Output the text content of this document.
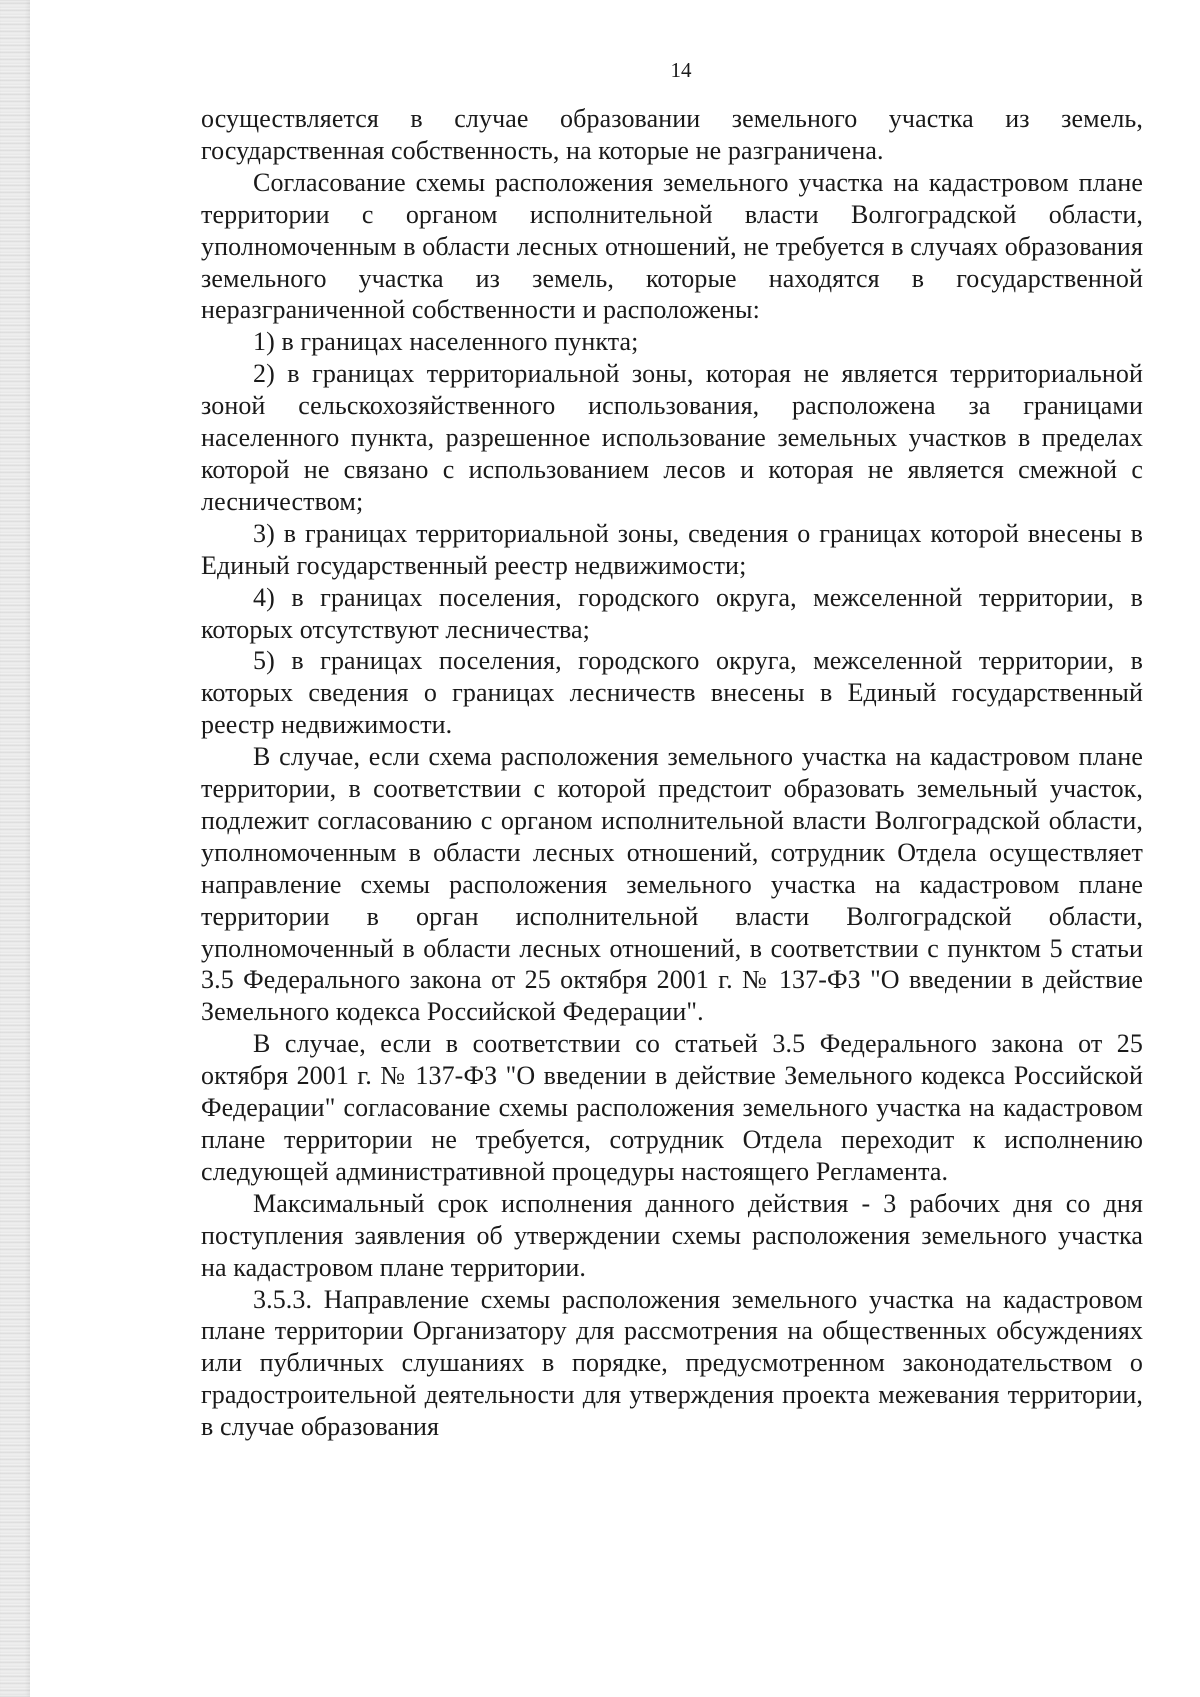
14

осуществляется в случае образовании земельного участка из земель, государственная собственность, на которые не разграничена.

Согласование схемы расположения земельного участка на кадастровом плане территории с органом исполнительной власти Волгоградской области, уполномоченным в области лесных отношений, не требуется в случаях образования земельного участка из земель, которые находятся в государственной неразграниченной собственности и расположены:

1) в границах населенного пункта;

2) в границах территориальной зоны, которая не является территориальной зоной сельскохозяйственного использования, расположена за границами населенного пункта, разрешенное использование земельных участков в пределах которой не связано с использованием лесов и которая не является смежной с лесничеством;

3) в границах территориальной зоны, сведения о границах которой внесены в Единый государственный реестр недвижимости;

4) в границах поселения, городского округа, межселенной территории, в которых отсутствуют лесничества;

5) в границах поселения, городского округа, межселенной территории, в которых сведения о границах лесничеств внесены в Единый государственный реестр недвижимости.

В случае, если схема расположения земельного участка на кадастровом плане территории, в соответствии с которой предстоит образовать земельный участок, подлежит согласованию с органом исполнительной власти Волгоградской области, уполномоченным в области лесных отношений, сотрудник Отдела осуществляет направление схемы расположения земельного участка на кадастровом плане территории в орган исполнительной власти Волгоградской области, уполномоченный в области лесных отношений, в соответствии с пунктом 5 статьи 3.5 Федерального закона от 25 октября 2001 г. № 137-ФЗ "О введении в действие Земельного кодекса Российской Федерации".

В случае, если в соответствии со статьей 3.5 Федерального закона от 25 октября 2001 г. № 137-ФЗ "О введении в действие Земельного кодекса Российской Федерации" согласование схемы расположения земельного участка на кадастровом плане территории не требуется, сотрудник Отдела переходит к исполнению следующей административной процедуры настоящего Регламента.

Максимальный срок исполнения данного действия - 3 рабочих дня со дня поступления заявления об утверждении схемы расположения земельного участка на кадастровом плане территории.

3.5.3. Направление схемы расположения земельного участка на кадастровом плане территории Организатору для рассмотрения на общественных обсуждениях или публичных слушаниях в порядке, предусмотренном законодательством о градостроительной деятельности для утверждения проекта межевания территории, в случае образования
